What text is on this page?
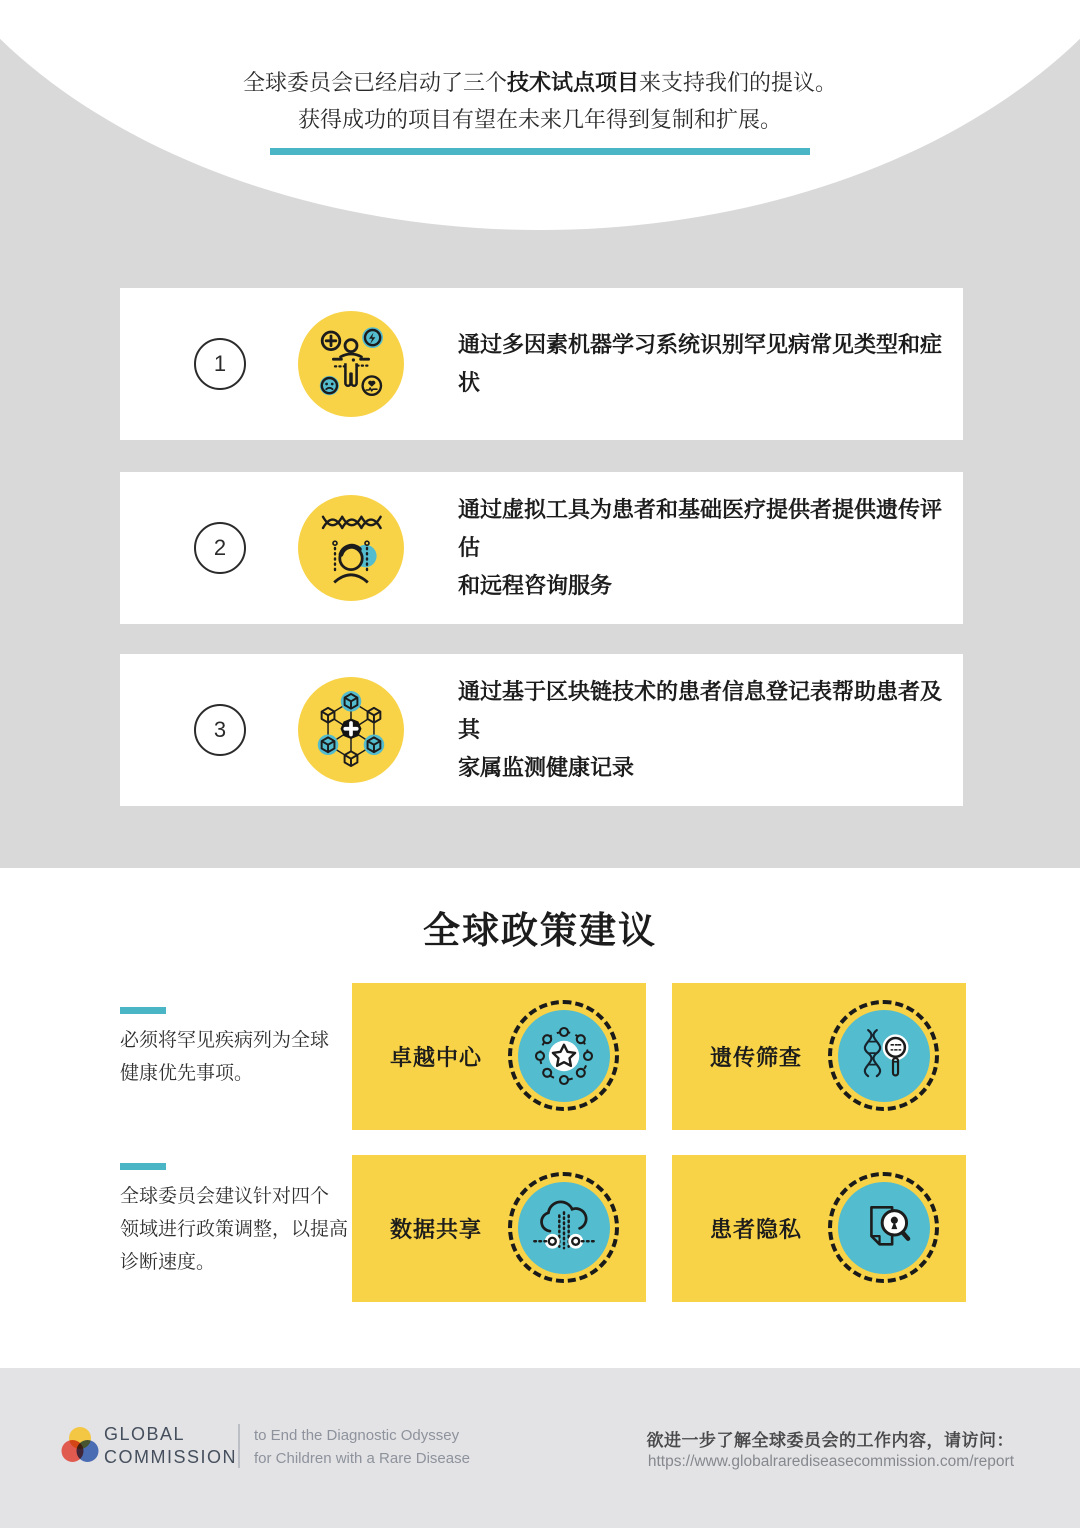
全球委员会已经启动了三个技术试点项目来支持我们的提议。
获得成功的项目有望在未来几年得到复制和扩展。
1
通过多因素机器学习系统识别罕见病常见类型和症状
2
通过虚拟工具为患者和基础医疗提供者提供遗传评估
和远程咨询服务
3
通过基于区块链技术的患者信息登记表帮助患者及其
家属监测健康记录
全球政策建议
必须将罕见疾病列为全球
健康优先事项。
全球委员会建议针对四个
领域进行政策调整，以提高
诊断速度。
卓越中心	遗传筛查
数据共享	患者隐私
GLOBAL
COMMISSION
to End the Diagnostic Odyssey
for Children with a Rare Disease
欲进一步了解全球委员会的工作内容，请访问：
https://www.globalrarediseasecommission.com/report
